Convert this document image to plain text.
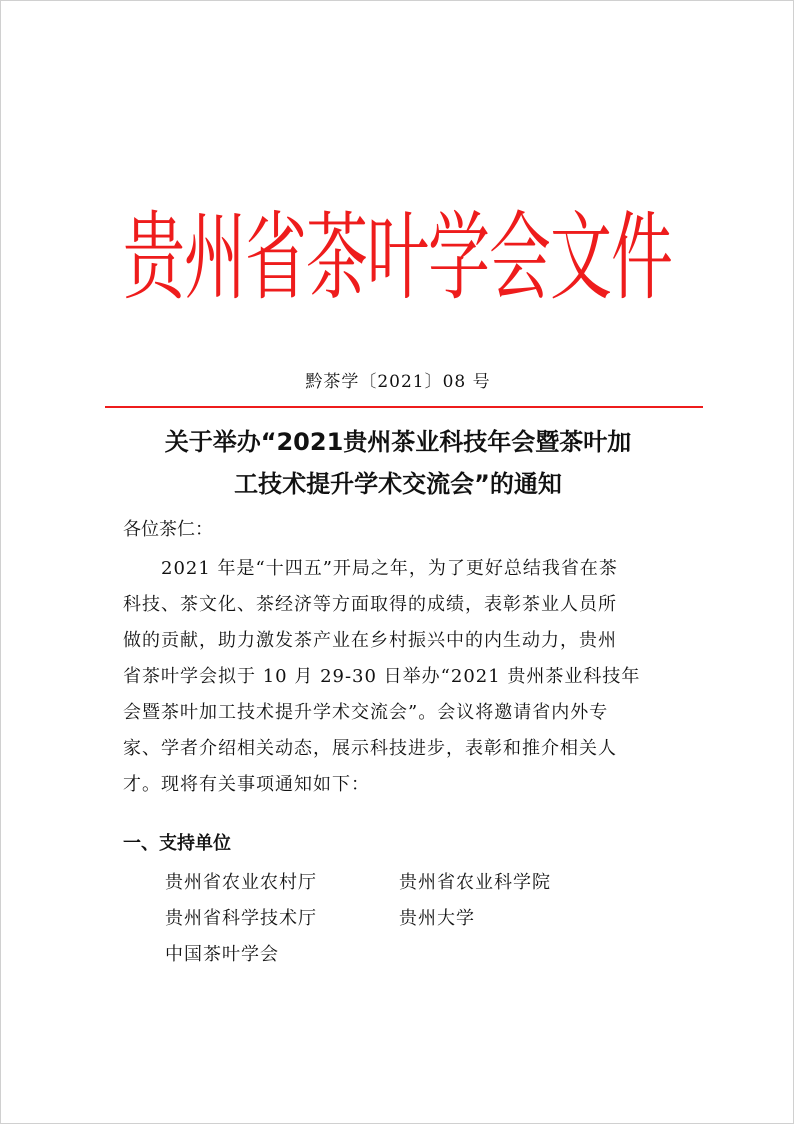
贵州省茶叶学会文件
黔茶学〔2021〕08 号
关于举办“2021贵州茶业科技年会暨茶叶加
工技术提升学术交流会”的通知
各位茶仁：
　　2021 年是“十四五”开局之年，为了更好总结我省在茶
科技、茶文化、茶经济等方面取得的成绩，表彰茶业人员所
做的贡献，助力激发茶产业在乡村振兴中的内生动力，贵州
省茶叶学会拟于 10 月 29-30 日举办“2021 贵州茶业科技年
会暨茶叶加工技术提升学术交流会”。会议将邀请省内外专
家、学者介绍相关动态，展示科技进步，表彰和推介相关人
才。现将有关事项通知如下：
一、支持单位
贵州省农业农村厅	贵州省农业科学院
贵州省科学技术厅	贵州大学
中国茶叶学会
